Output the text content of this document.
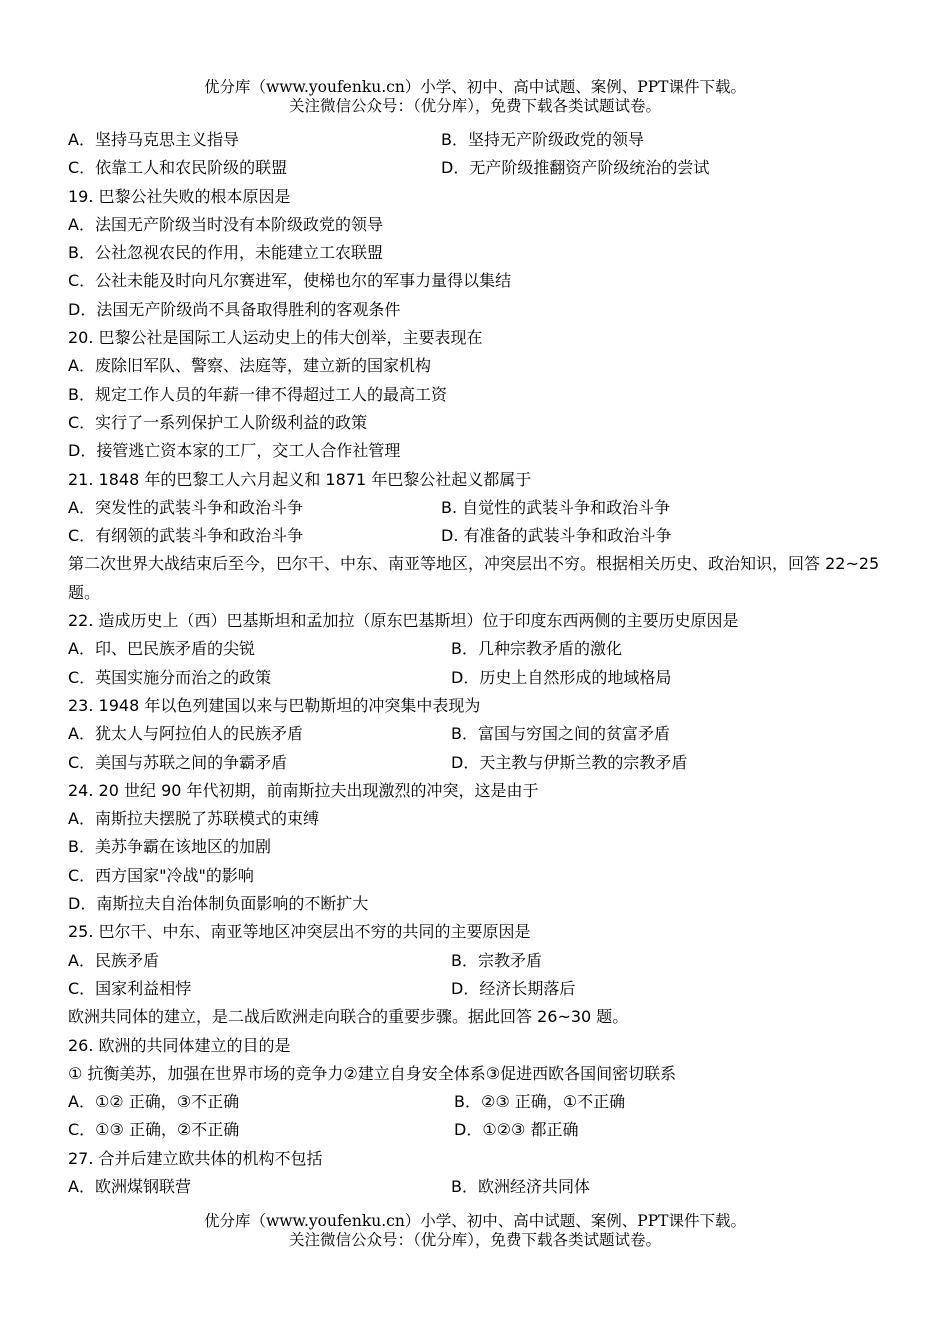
优分库（www.youfenku.cn）小学、初中、高中试题、案例、PPT课件下载。
关注微信公众号：（优分库），免费下载各类试题试卷。
A．坚持马克思主义指导	B．坚持无产阶级政党的领导
C．依靠工人和农民阶级的联盟	D．无产阶级推翻资产阶级统治的尝试
19. 巴黎公社失败的根本原因是
A．法国无产阶级当时没有本阶级政党的领导
B．公社忽视农民的作用，未能建立工农联盟
C．公社未能及时向凡尔赛进军，使梯也尔的军事力量得以集结
D．法国无产阶级尚不具备取得胜利的客观条件
20. 巴黎公社是国际工人运动史上的伟大创举，主要表现在
A．废除旧军队、警察、法庭等，建立新的国家机构
B．规定工作人员的年薪一律不得超过工人的最高工资
C．实行了一系列保护工人阶级利益的政策
D．接管逃亡资本家的工厂，交工人合作社管理
21. 1848 年的巴黎工人六月起义和 1871 年巴黎公社起义都属于
A．突发性的武装斗争和政治斗争	B. 自觉性的武装斗争和政治斗争
C．有纲领的武装斗争和政治斗争	D. 有准备的武装斗争和政治斗争
第二次世界大战结束后至今，巴尔干、中东、南亚等地区，冲突层出不穷。根据相关历史、政治知识，回答 22~25 题。
22. 造成历史上（西）巴基斯坦和孟加拉（原东巴基斯坦）位于印度东西两侧的主要历史原因是
A．印、巴民族矛盾的尖锐	B．几种宗教矛盾的激化
C．英国实施分而治之的政策	D．历史上自然形成的地域格局
23. 1948 年以色列建国以来与巴勒斯坦的冲突集中表现为
A．犹太人与阿拉伯人的民族矛盾	B．富国与穷国之间的贫富矛盾
C．美国与苏联之间的争霸矛盾	D．天主教与伊斯兰教的宗教矛盾
24. 20 世纪 90 年代初期，前南斯拉夫出现激烈的冲突，这是由于
A．南斯拉夫摆脱了苏联模式的束缚
B．美苏争霸在该地区的加剧
C．西方国家"冷战"的影响
D．南斯拉夫自治体制负面影响的不断扩大
25. 巴尔干、中东、南亚等地区冲突层出不穷的共同的主要原因是
A．民族矛盾	B．宗教矛盾
C．国家利益相悖	D．经济长期落后
欧洲共同体的建立，是二战后欧洲走向联合的重要步骤。据此回答 26~30 题。
26. 欧洲的共同体建立的目的是
① 抗衡美苏，加强在世界市场的竞争力②建立自身安全体系③促进西欧各国间密切联系
A．①② 正确，③不正确	B．②③ 正确，①不正确
C．①③ 正确，②不正确	D．①②③ 都正确
27. 合并后建立欧共体的机构不包括
A．欧洲煤钢联营	B．欧洲经济共同体
优分库（www.youfenku.cn）小学、初中、高中试题、案例、PPT课件下载。
关注微信公众号：（优分库），免费下载各类试题试卷。
